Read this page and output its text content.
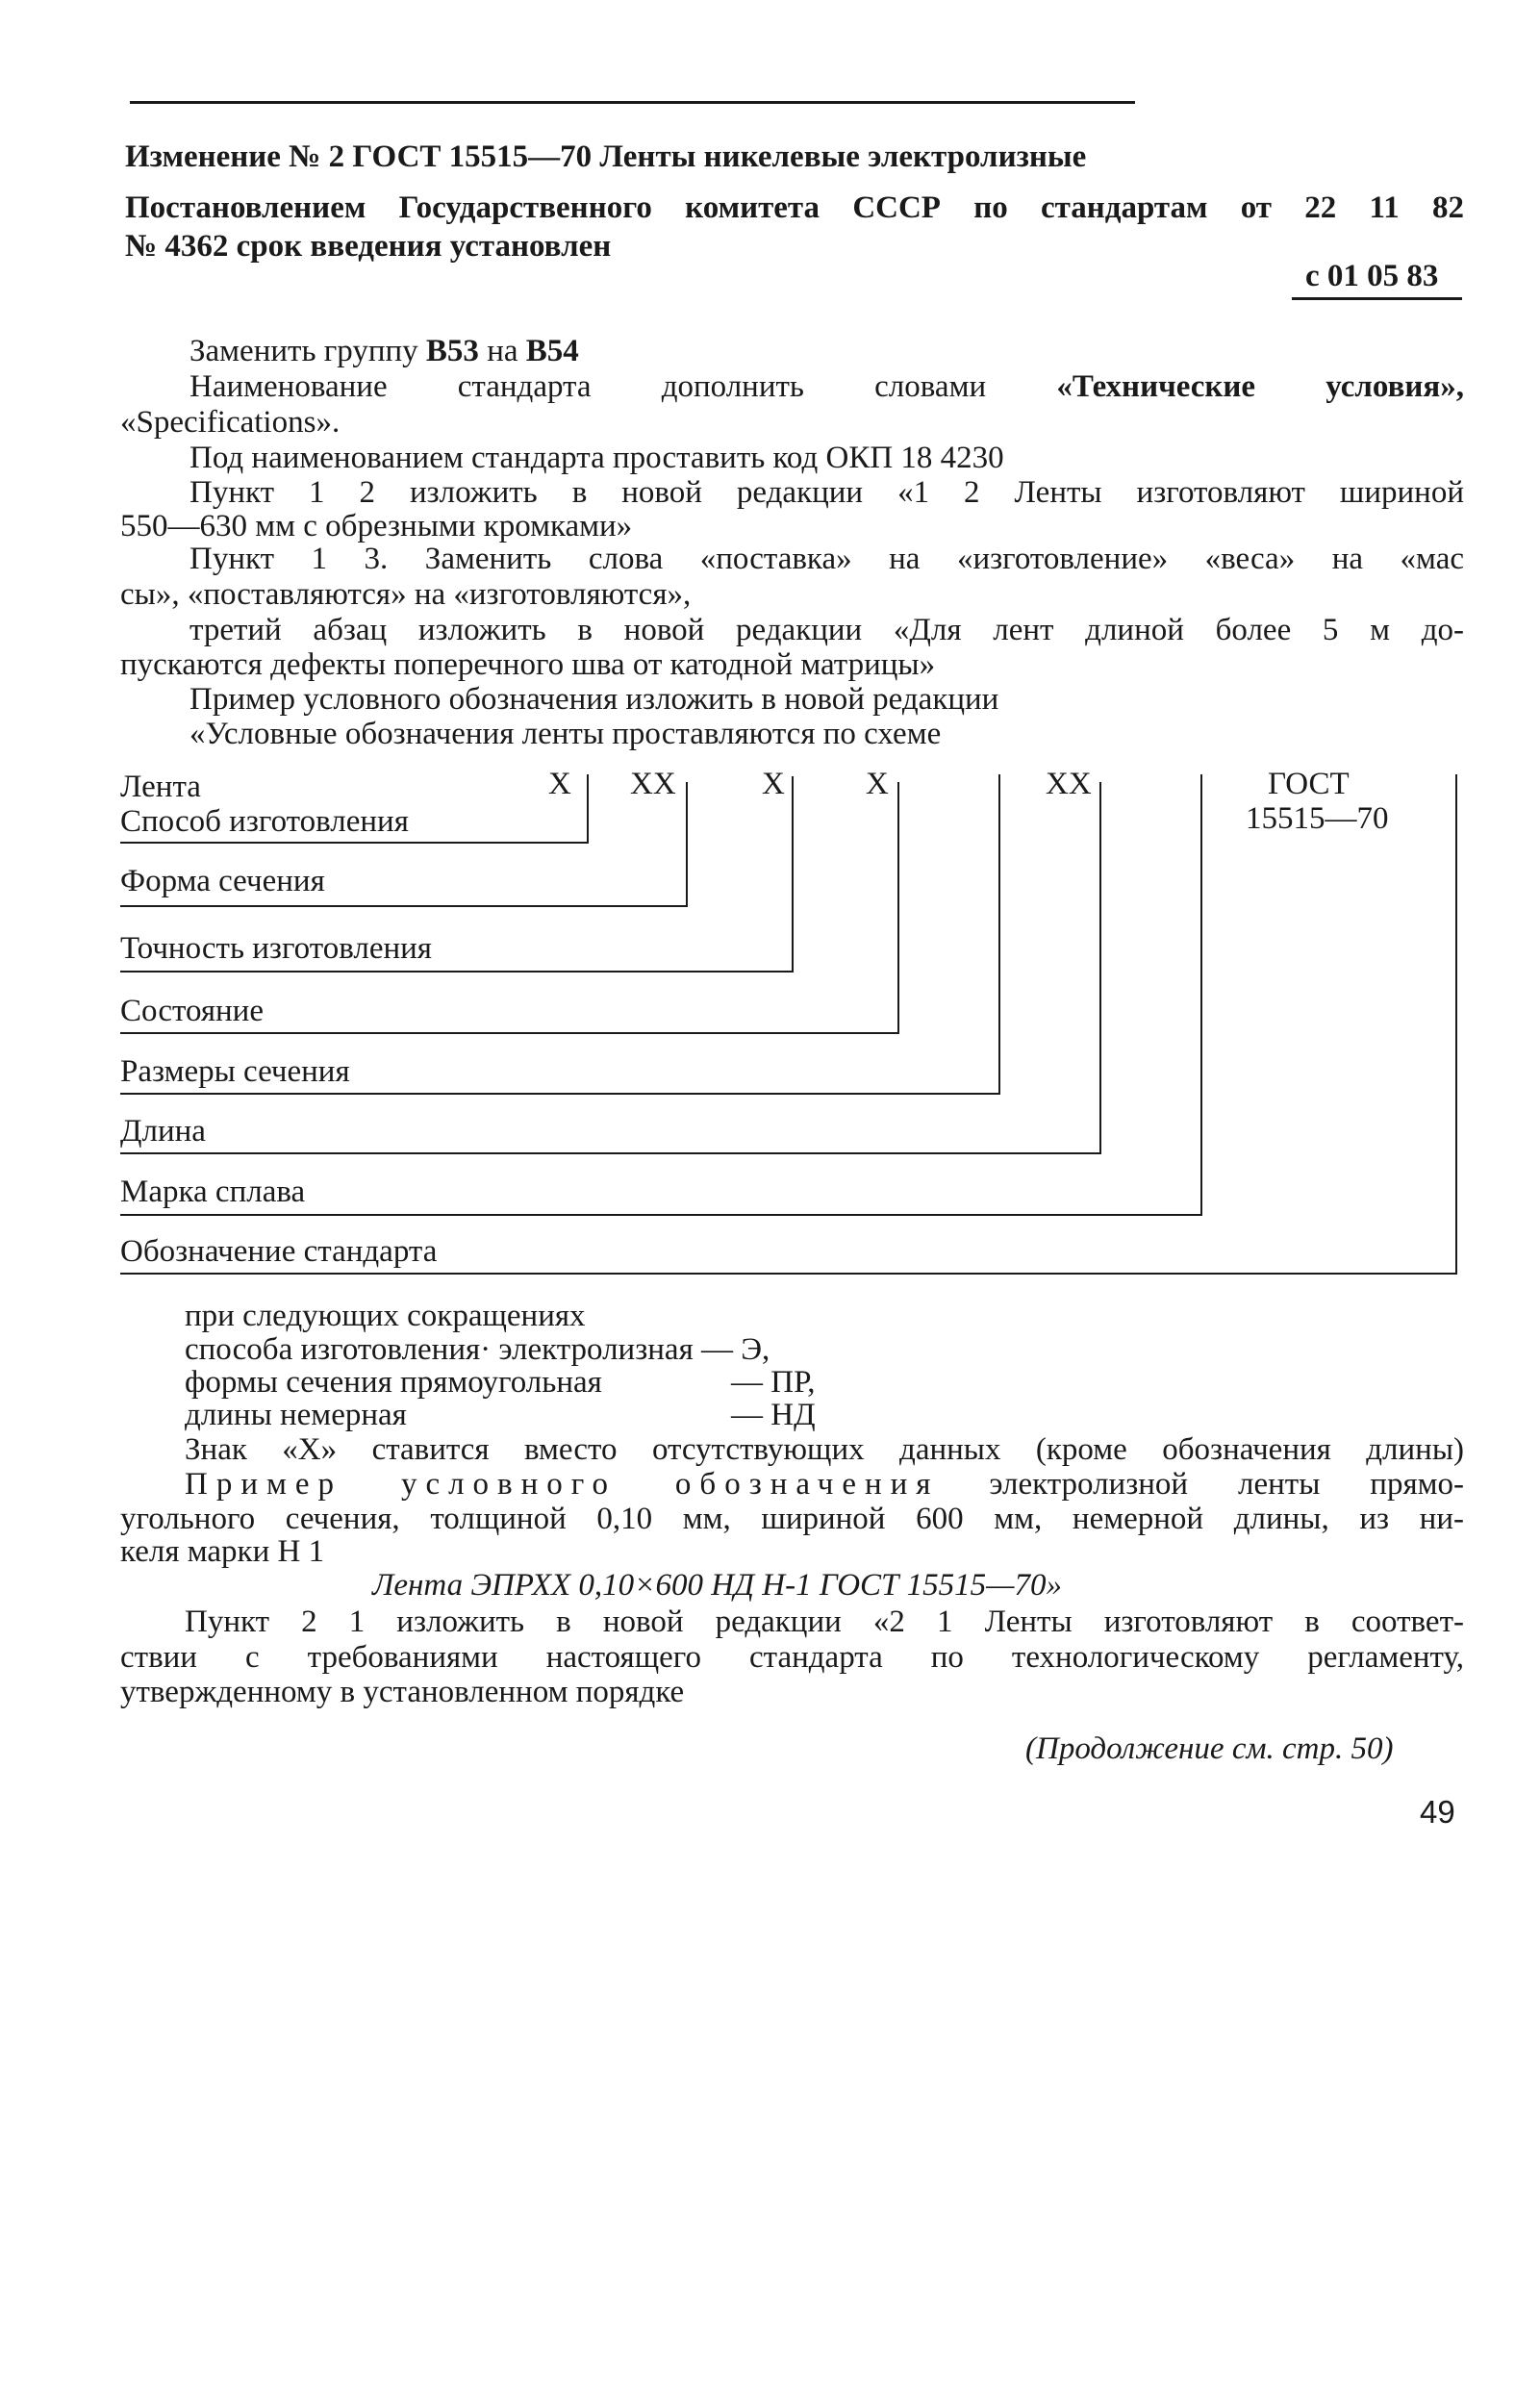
Изменение № 2 ГОСТ 15515—70 Ленты никелевые электролизные
Постановлением Государственного комитета СССР по стандартам от 22 11 82
№ 4362 срок введения установлен
с 01 05 83
Заменить группу В53 на В54
Наименование стандарта дополнить словами «Технические условия»,
«Specifications».
Под наименованием стандарта проставить код ОКП 18 4230
Пункт 1 2 изложить в новой редакции «1 2 Ленты изготовляют шириной
550—630 мм с обрезными кромками»
Пункт 1 3. Заменить слова «поставка» на «изготовление» «веса» на «мас
сы», «поставляются» на «изготовляются»,
третий абзац изложить в новой редакции «Для лент длиной более 5 м до-
пускаются дефекты поперечного шва от катодной матрицы»
Пример условного обозначения изложить в новой редакции
«Условные обозначения ленты проставляются по схеме
Лента	X XX	X	X	XX	ГОСТ
15515—70
Способ изготовления
Форма сечения
Точность изготовления
Состояние
Размеры сечения
Длина
Марка сплава
Обозначение стандарта
при следующих сокращениях
способа изготовления· электролизная — Э,
формы сечения прямоугольная	— ПР,
длины немерная	— НД
Знак «Х» ставится вместо отсутствующих данных (кроме обозначения длины)
Пример условного обозначения электролизной ленты прямо-
угольного сечения, толщиной 0,10 мм, шириной 600 мм, немерной длины, из ни-
келя марки Н 1
Лента ЭПРХХ 0,10×600 НД Н-1 ГОСТ 15515—70»
Пункт 2 1 изложить в новой редакции «2 1 Ленты изготовляют в соответ-
ствии с требованиями настоящего стандарта по технологическому регламенту,
утвержденному в установленном порядке
(Продолжение см. стр. 50)
49
